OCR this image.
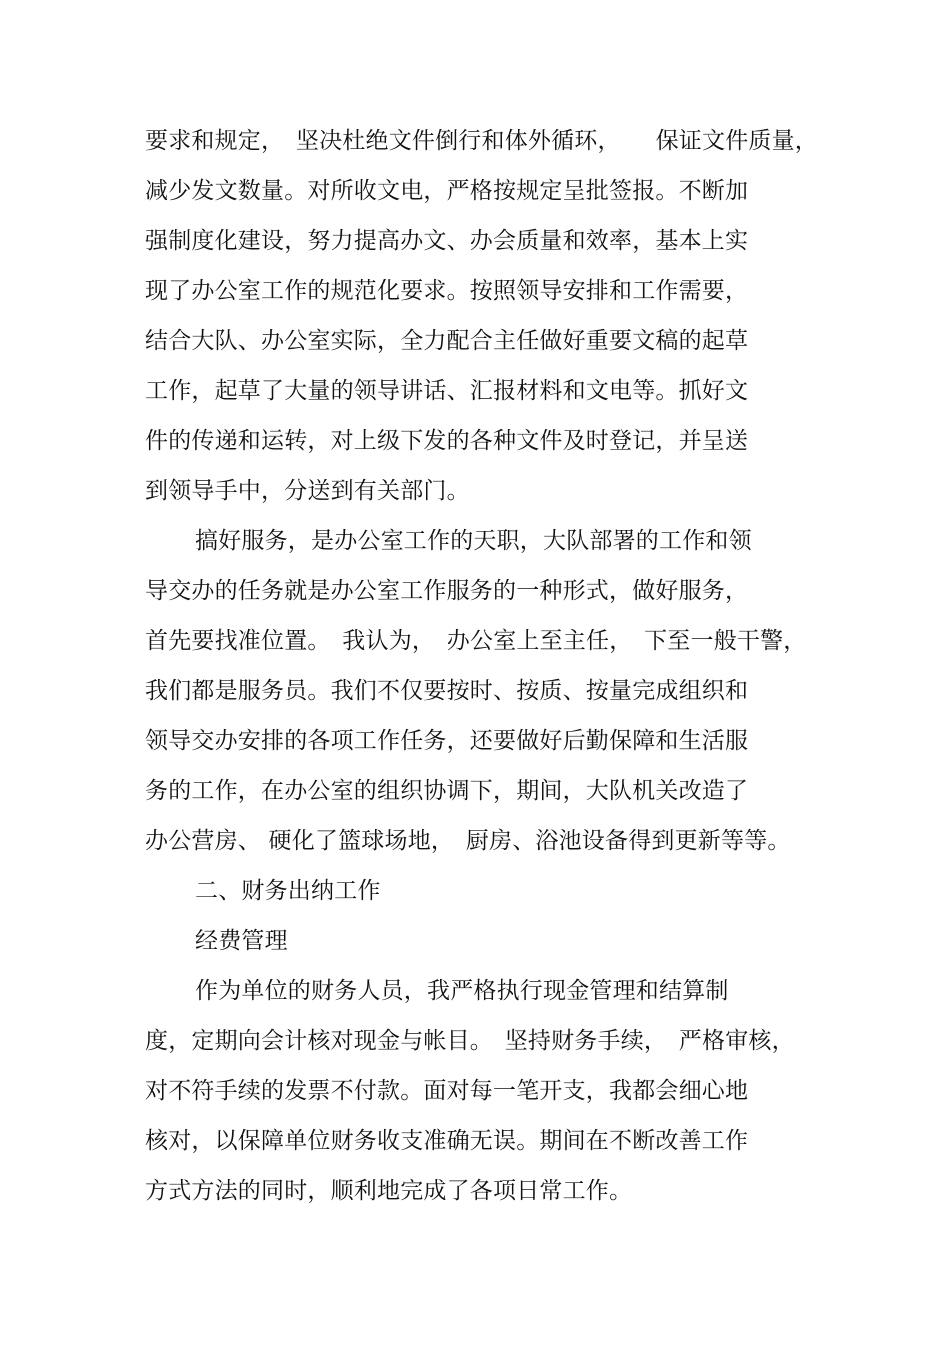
要求和规定，　坚决杜绝文件倒行和体外循环，　　保证文件质量，
减少发文数量。对所收文电，严格按规定呈批签报。不断加
强制度化建设，努力提高办文、办会质量和效率，基本上实
现了办公室工作的规范化要求。按照领导安排和工作需要，
结合大队、办公室实际，全力配合主任做好重要文稿的起草
工作，起草了大量的领导讲话、汇报材料和文电等。抓好文
件的传递和运转，对上级下发的各种文件及时登记，并呈送
到领导手中，分送到有关部门。
搞好服务，是办公室工作的天职，大队部署的工作和领
导交办的任务就是办公室工作服务的一种形式，做好服务，
首先要找准位置。　我认为，　办公室上至主任，　下至一般干警，
我们都是服务员。我们不仅要按时、按质、按量完成组织和
领导交办安排的各项工作任务，还要做好后勤保障和生活服
务的工作，在办公室的组织协调下，期间，大队机关改造了
办公营房、 硬化了篮球场地，　厨房、浴池设备得到更新等等。
二、财务出纳工作
经费管理
作为单位的财务人员，我严格执行现金管理和结算制
度，定期向会计核对现金与帐目。　坚持财务手续，　严格审核，
对不符手续的发票不付款。面对每一笔开支，我都会细心地
核对，以保障单位财务收支准确无误。期间在不断改善工作
方式方法的同时，顺利地完成了各项日常工作。
